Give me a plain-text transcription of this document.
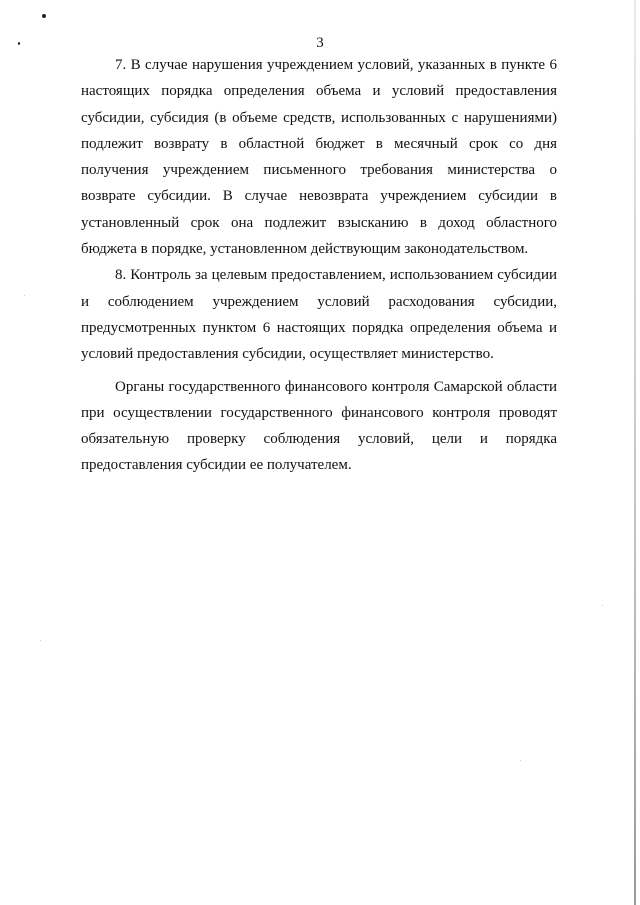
3

7. В случае нарушения учреждением условий, указанных в пункте 6 настоящих порядка определения объема и условий предоставления субсидии, субсидия (в объеме средств, использованных с нарушениями) подлежит возврату в областной бюджет в месячный срок со дня получения учреждением письменного требования министерства о возврате субсидии. В случае невозврата учреждением субсидии в установленный срок она подлежит взысканию в доход областного бюджета в порядке, установленном действующим законодательством.

8. Контроль за целевым предоставлением, использованием субсидии и соблюдением учреждением условий расходования субсидии, предусмотренных пунктом 6 настоящих порядка определения объема и условий предоставления субсидии, осуществляет министерство.

Органы государственного финансового контроля Самарской области при осуществлении государственного финансового контроля проводят обязательную проверку соблюдения условий, цели и порядка предоставления субсидии ее получателем.
